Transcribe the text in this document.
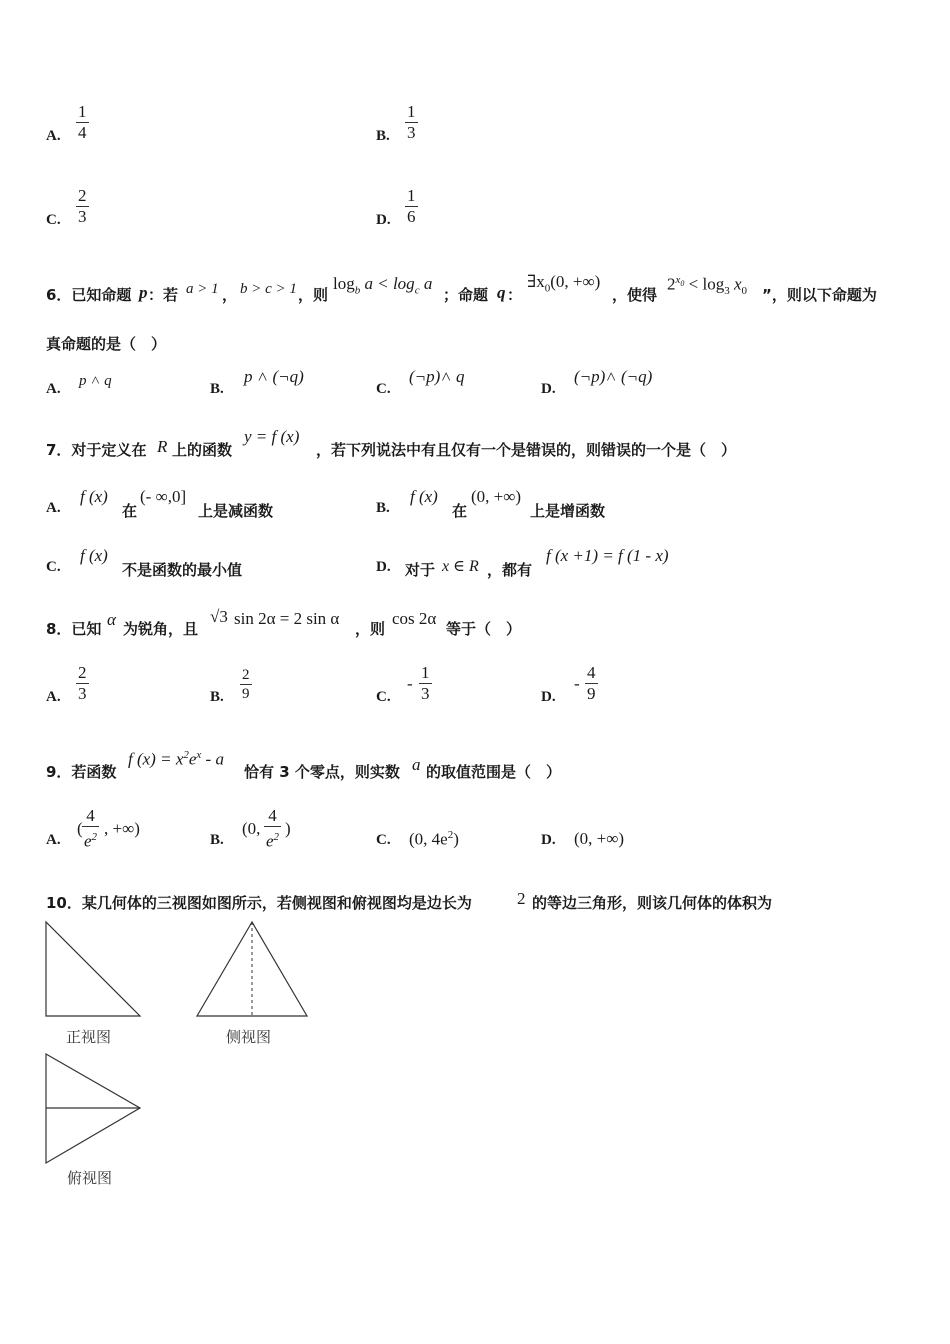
A. $\frac{1}{4}$	B. $\frac{1}{3}$
C. $\frac{2}{3}$	D. $\frac{1}{6}$
6．已知命题 p ：若 a > 1 ， b > c > 1 ，则
$\log_b a < \log_c a$
；命题 q ：
$\exists x_0(0$, +∞)
，使得
$2^{x_0} < \log_3 x_0$ ”，则以下命题为
真命题的是（　）
A. p ˄ q	B.
p ˄ (¬q)
C.
(¬p)˄ q
D.
(¬p)˄ (¬q)
7．对于定义在 R 上的函数
y = f (x)
，若下列说法中有且仅有一个是错误的，则错误的一个是（　）
A.
f (x)
在
(- ∞,0]
上是减函数	B.
f (x)
在
(0, +∞)
上是增函数
C.
f (x)
不是函数的最小值	D. 对于 x ∈ R ，都有
f (x +1) = f (1 - x)
8．已知 α 为锐角，且
√3 sin 2α = 2 sin α
，则
cos 2α
等于（　）
A. $\frac{2}{3}$	B. $\frac{2}{9}$	C.
- $\frac{1}{3}$	D.
- $\frac{4}{9}$
9．若函数
f $(x) = x^2e^x - a$
恰有 3 个零点，则实数 a 的取值范围是（　）
A.
( $\frac{4}{e^2}$ , +∞)
B.
(0, $\frac{4}{e^2}$ )
C. (0, $4e^2$)	D. (0, +∞)
10．某几何体的三视图如图所示，若侧视图和俯视图均是边长为	2 的等边三角形，则该几何体的体积为
正视图	侧视图
俯视图
